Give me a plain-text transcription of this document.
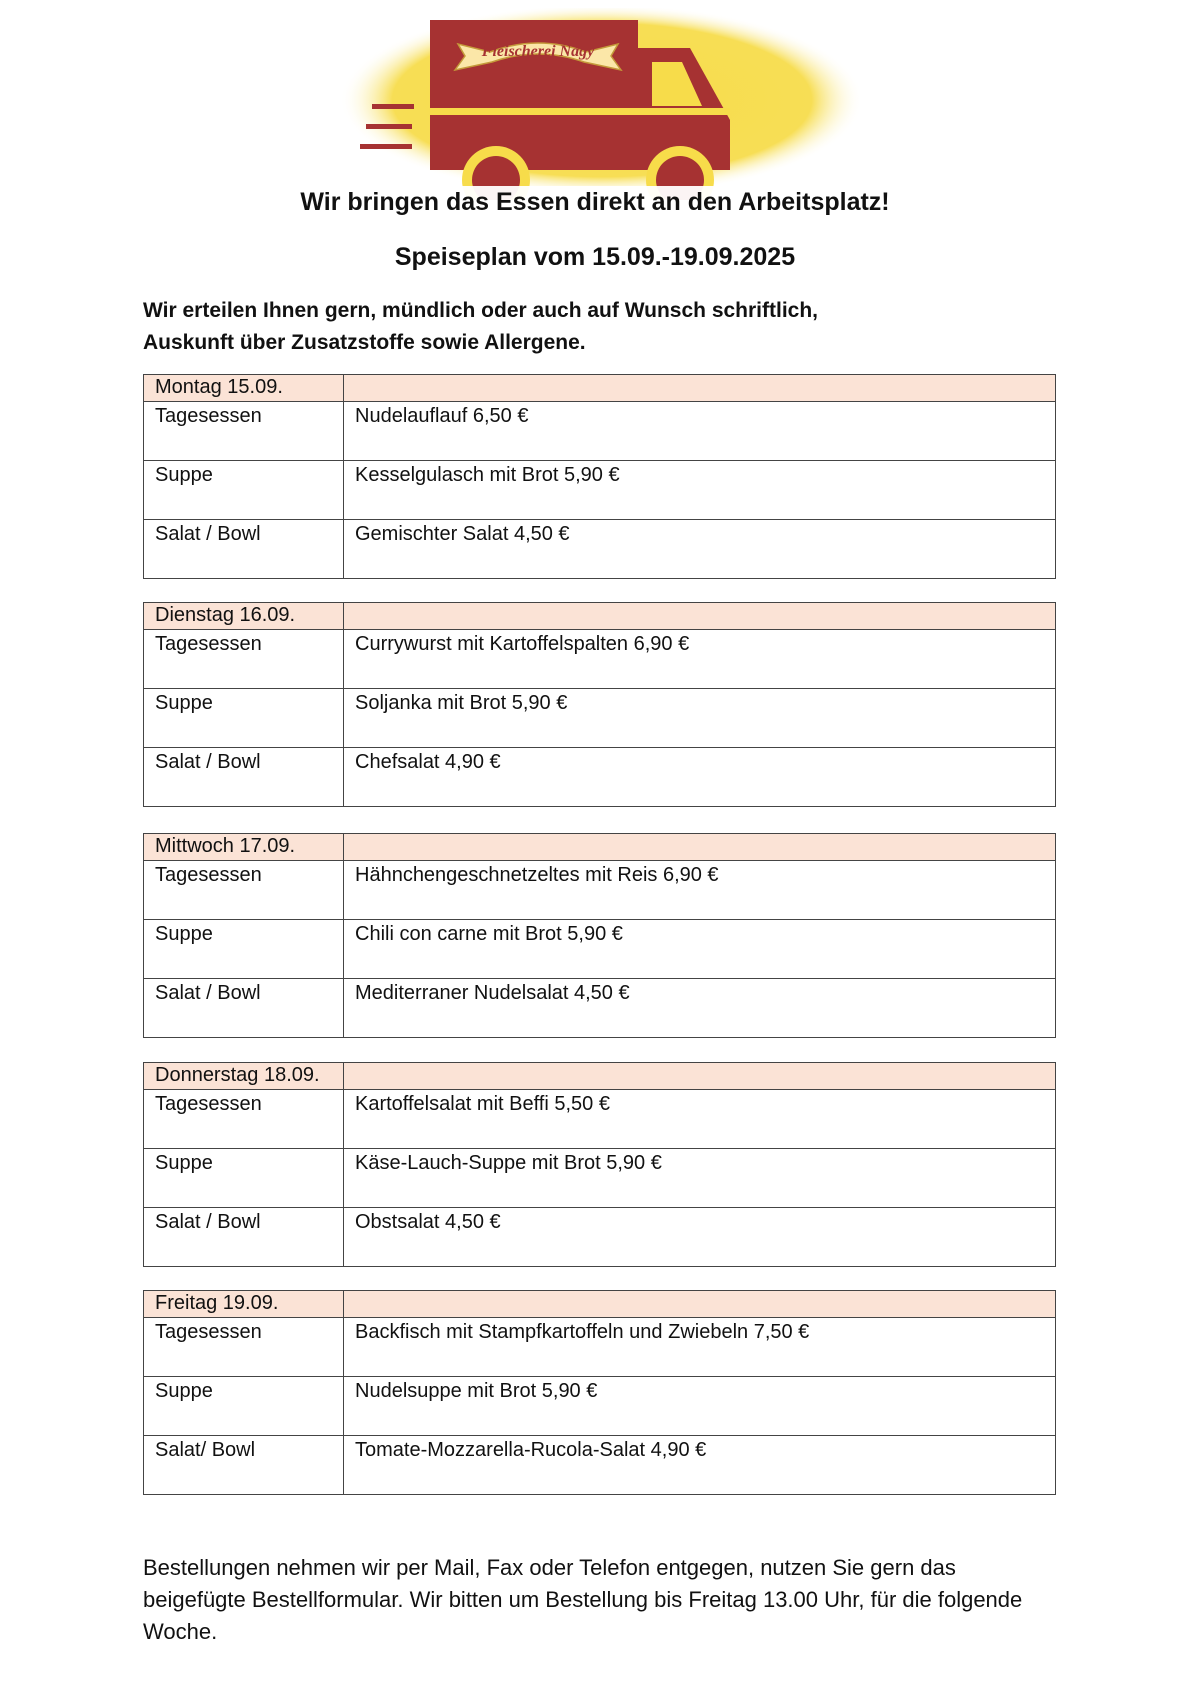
Fleischerei Nagy
Wir bringen das Essen direkt an den Arbeitsplatz!
Speiseplan vom 15.09.-19.09.2025
Wir erteilen Ihnen gern, mündlich oder auch auf Wunsch schriftlich,
Auskunft über Zusatzstoffe sowie Allergene.
Montag 15.09.	
Tagesessen	Nudelauflauf 6,50 €
Suppe	Kesselgulasch mit Brot 5,90 €
Salat / Bowl	Gemischter Salat 4,50 €
Dienstag 16.09.	
Tagesessen	Currywurst mit Kartoffelspalten 6,90 €
Suppe	Soljanka mit Brot 5,90 €
Salat / Bowl	Chefsalat 4,90 €
Mittwoch 17.09.	
Tagesessen	Hähnchengeschnetzeltes mit Reis 6,90 €
Suppe	Chili con carne mit Brot 5,90 €
Salat / Bowl	Mediterraner Nudelsalat 4,50 €
Donnerstag 18.09.	
Tagesessen	Kartoffelsalat mit Beffi 5,50 €
Suppe	Käse-Lauch-Suppe mit Brot 5,90 €
Salat / Bowl	Obstsalat 4,50 €
Freitag 19.09.	
Tagesessen	Backfisch mit Stampfkartoffeln und Zwiebeln 7,50 €
Suppe	Nudelsuppe mit Brot 5,90 €
Salat/ Bowl	Tomate-Mozzarella-Rucola-Salat 4,90 €
Bestellungen nehmen wir per Mail, Fax oder Telefon entgegen, nutzen Sie gern das beigefügte Bestellformular. Wir bitten um Bestellung bis Freitag 13.00 Uhr, für die folgende Woche.
